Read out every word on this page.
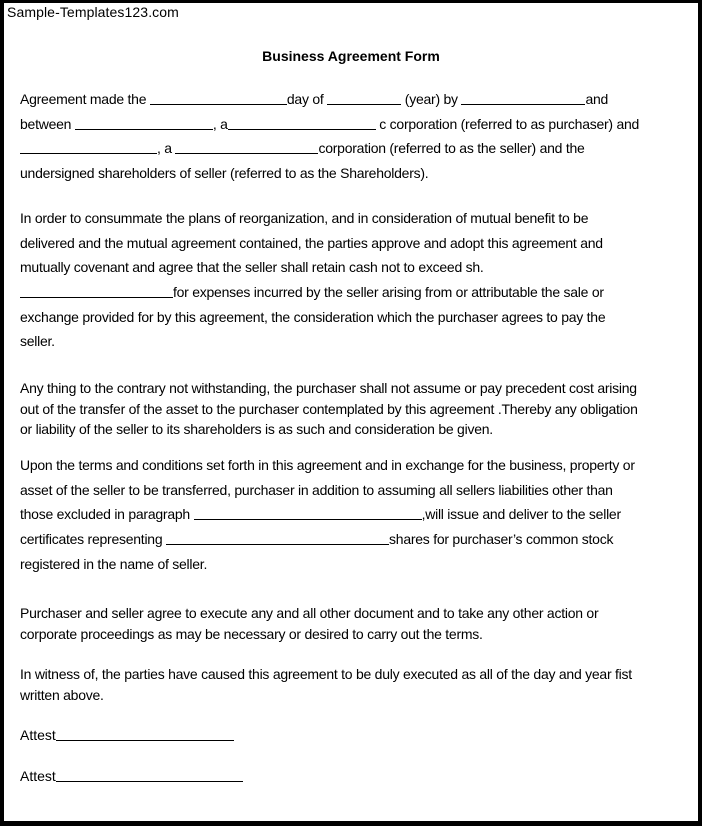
Sample-Templates123.com
Business Agreement Form
Agreement made the	day of	(year) by	and
between	, a	c corporation (referred to as purchaser) and
, a	corporation (referred to as the seller) and the
undersigned shareholders of seller (referred to as the Shareholders).
In order to consummate the plans of reorganization, and in consideration of mutual benefit to be
delivered and the mutual agreement contained, the parties approve and adopt this agreement and
mutually covenant and agree that the seller shall retain cash not to exceed sh.
for expenses incurred by the seller arising from or attributable the sale or
exchange provided for by this agreement, the consideration which the purchaser agrees to pay the
seller.
Any thing to the contrary not withstanding, the purchaser shall not assume or pay precedent cost arising
out of the transfer of the asset to the purchaser contemplated by this agreement .Thereby any obligation
or liability of the seller to its shareholders is as such and consideration be given.
Upon the terms and conditions set forth in this agreement and in exchange for the business, property or
asset of the seller to be transferred, purchaser in addition to assuming all sellers liabilities other than
those excluded in paragraph	,will issue and deliver to the seller
certificates representing	shares for purchaser’s common stock
registered in the name of seller.
Purchaser and seller agree to execute any and all other document and to take any other action or
corporate proceedings as may be necessary or desired to carry out the terms.
In witness of, the parties have caused this agreement to be duly executed as all of the day and year fist
written above.
Attest
Attest
